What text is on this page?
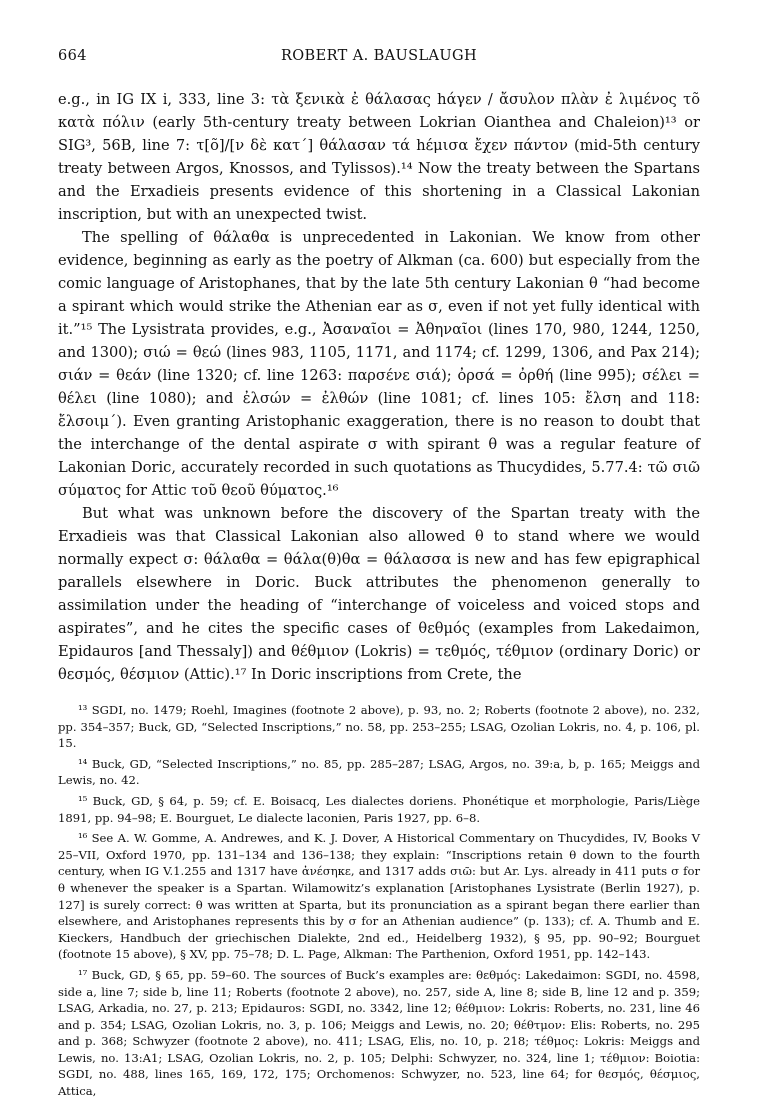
664	ROBERT A. BAUSLAUGH

e.g., in IG IX i, 333, line 3: τὰ ξενικὰ ἐ θάλασας hάγεν / ἄσυλον πλὰν ἐ λιμένος τõ κατὰ πόλιν (early 5th-century treaty between Lokrian Oianthea and Chaleion)¹³ or SIG³, 56B, line 7: τ[õ]/[ν δὲ κατ΄] θάλασαν τά hέμισα ἔχεν πάντον (mid-5th century treaty between Argos, Knossos, and Tylissos).¹⁴ Now the treaty between the Spartans and the Erxadieis presents evidence of this shortening in a Classical Lakonian inscription, but with an unexpected twist.

The spelling of θάλαθα is unprecedented in Lakonian. We know from other evidence, beginning as early as the poetry of Alkman (ca. 600) but especially from the comic language of Aristophanes, that by the late 5th century Lakonian θ “had become a spirant which would strike the Athenian ear as σ, even if not yet fully identical with it.”¹⁵ The Lysistrata provides, e.g., Ἀσαναῖοι = Ἀθηναῖοι (lines 170, 980, 1244, 1250, and 1300); σιώ = θεώ (lines 983, 1105, 1171, and 1174; cf. 1299, 1306, and Pax 214); σιάν = θεάν (line 1320; cf. line 1263: παρσένε σιά); ὀρσά = ὀρθή (line 995); σέλει = θέλει (line 1080); and ἐλσών = ἐλθών (line 1081; cf. lines 105: ἔλση and 118: ἔλσοιμ΄). Even granting Aristophanic exaggeration, there is no reason to doubt that the interchange of the dental aspirate σ with spirant θ was a regular feature of Lakonian Doric, accurately recorded in such quotations as Thucydides, 5.77.4: τῶ σιῶ σύματος for Attic τοῦ θεοῦ θύματος.¹⁶

But what was unknown before the discovery of the Spartan treaty with the Erxadieis was that Classical Lakonian also allowed θ to stand where we would normally expect σ: θάλαθα = θάλα(θ)θα = θάλασσα is new and has few epigraphical parallels elsewhere in Doric. Buck attributes the phenomenon generally to assimilation under the heading of “interchange of voiceless and voiced stops and aspirates”, and he cites the specific cases of θεθμός (examples from Lakedaimon, Epidauros [and Thessaly]) and θέθμιον (Lokris) = τεθμός, τέθμιον (ordinary Doric) or θεσμός, θέσμιον (Attic).¹⁷ In Doric inscriptions from Crete, the

¹³ SGDI, no. 1479; Roehl, Imagines (footnote 2 above), p. 93, no. 2; Roberts (footnote 2 above), no. 232, pp. 354–357; Buck, GD, “Selected Inscriptions,” no. 58, pp. 253–255; LSAG, Ozolian Lokris, no. 4, p. 106, pl. 15.

¹⁴ Buck, GD, “Selected Inscriptions,” no. 85, pp. 285–287; LSAG, Argos, no. 39:a, b, p. 165; Meiggs and Lewis, no. 42.

¹⁵ Buck, GD, § 64, p. 59; cf. E. Boisacq, Les dialectes doriens. Phonétique et morphologie, Paris/Liège 1891, pp. 94–98; E. Bourguet, Le dialecte laconien, Paris 1927, pp. 6–8.

¹⁶ See A. W. Gomme, A. Andrewes, and K. J. Dover, A Historical Commentary on Thucydides, IV, Books V 25–VII, Oxford 1970, pp. 131–134 and 136–138; they explain: “Inscriptions retain θ down to the fourth century, when IG V.1.255 and 1317 have ἀνέσηκε, and 1317 adds σιῶ: but Ar. Lys. already in 411 puts σ for θ whenever the speaker is a Spartan. Wilamowitz’s explanation [Aristophanes Lysistrate (Berlin 1927), p. 127] is surely correct: θ was written at Sparta, but its pronunciation as a spirant began there earlier than elsewhere, and Aristophanes represents this by σ for an Athenian audience” (p. 133); cf. A. Thumb and E. Kieckers, Handbuch der griechischen Dialekte, 2nd ed., Heidelberg 1932), § 95, pp. 90–92; Bourguet (footnote 15 above), § XV, pp. 75–78; D. L. Page, Alkman: The Parthenion, Oxford 1951, pp. 142–143.

¹⁷ Buck, GD, § 65, pp. 59–60. The sources of Buck’s examples are: θεθμός: Lakedaimon: SGDI, no. 4598, side a, line 7; side b, line 11; Roberts (footnote 2 above), no. 257, side A, line 8; side B, line 12 and p. 359; LSAG, Arkadia, no. 27, p. 213; Epidauros: SGDI, no. 3342, line 12; θέθμιον: Lokris: Roberts, no. 231, line 46 and p. 354; LSAG, Ozolian Lokris, no. 3, p. 106; Meiggs and Lewis, no. 20; θέθτμον: Elis: Roberts, no. 295 and p. 368; Schwyzer (footnote 2 above), no. 411; LSAG, Elis, no. 10, p. 218; τέθμος: Lokris: Meiggs and Lewis, no. 13:A1; LSAG, Ozolian Lokris, no. 2, p. 105; Delphi: Schwyzer, no. 324, line 1; τέθμιον: Boiotia: SGDI, no. 488, lines 165, 169, 172, 175; Orchomenos: Schwyzer, no. 523, line 64; for θεσμός, θέσμιος, Attica,
